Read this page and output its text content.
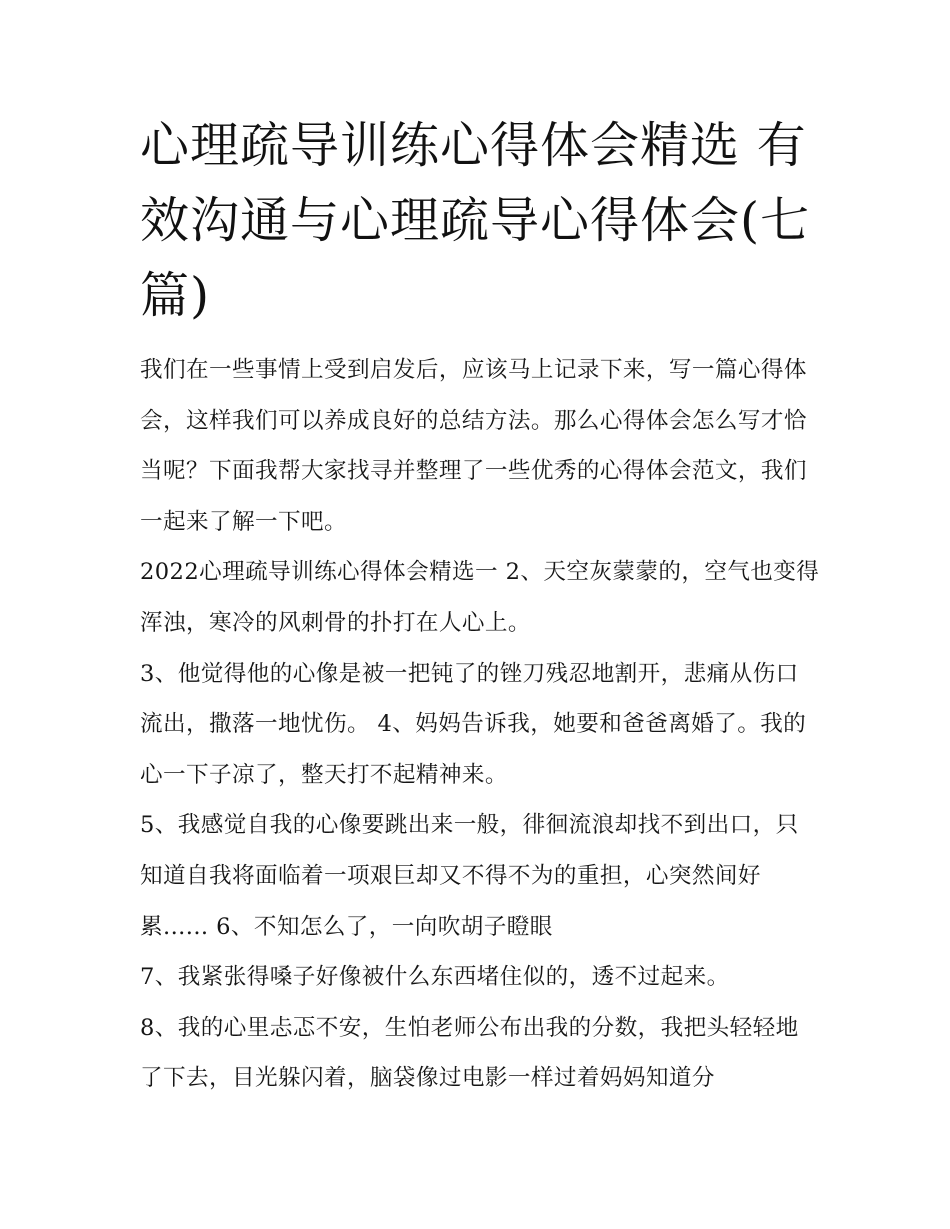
心理疏导训练心得体会精选 有效沟通与心理疏导心得体会(七篇)

我们在一些事情上受到启发后，应该马上记录下来，写一篇心得体会，这样我们可以养成良好的总结方法。那么心得体会怎么写才恰当呢？下面我帮大家找寻并整理了一些优秀的心得体会范文，我们一起来了解一下吧。

2022心理疏导训练心得体会精选一 2、天空灰蒙蒙的，空气也变得浑浊，寒冷的风刺骨的扑打在人心上。

3、他觉得他的心像是被一把钝了的锉刀残忍地割开，悲痛从伤口流出，撒落一地忧伤。 4、妈妈告诉我，她要和爸爸离婚了。我的心一下子凉了，整天打不起精神来。

5、我感觉自我的心像要跳出来一般，徘徊流浪却找不到出口，只知道自我将面临着一项艰巨却又不得不为的重担，心突然间好累...... 6、不知怎么了，一向吹胡子瞪眼

7、我紧张得嗓子好像被什么东西堵住似的，透不过起来。

8、我的心里忐忑不安，生怕老师公布出我的分数，我把头轻轻地了下去，目光躲闪着，脑袋像过电影一样过着妈妈知道分
